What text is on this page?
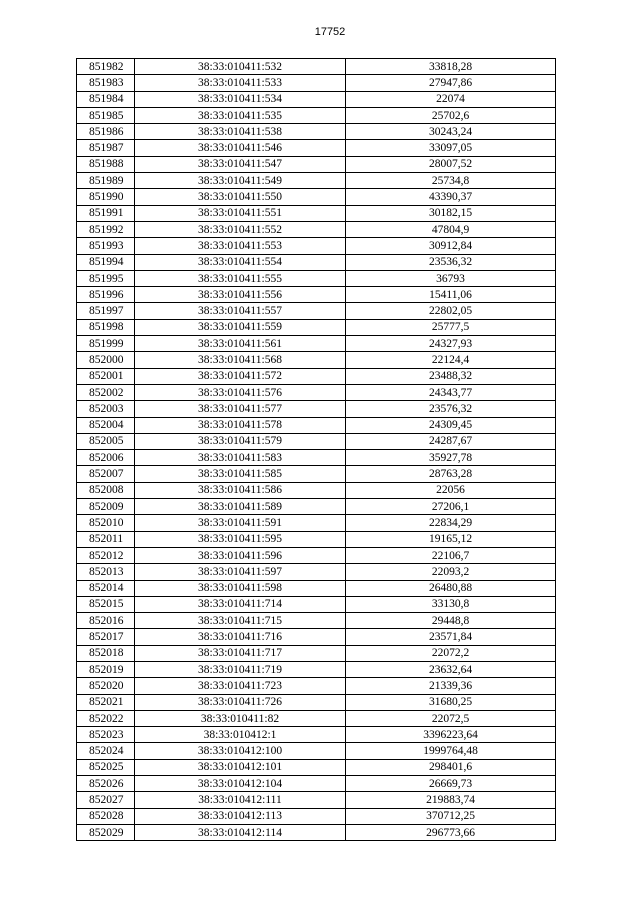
17752
851982	38:33:010411:532	33818,28
851983	38:33:010411:533	27947,86
851984	38:33:010411:534	22074
851985	38:33:010411:535	25702,6
851986	38:33:010411:538	30243,24
851987	38:33:010411:546	33097,05
851988	38:33:010411:547	28007,52
851989	38:33:010411:549	25734,8
851990	38:33:010411:550	43390,37
851991	38:33:010411:551	30182,15
851992	38:33:010411:552	47804,9
851993	38:33:010411:553	30912,84
851994	38:33:010411:554	23536,32
851995	38:33:010411:555	36793
851996	38:33:010411:556	15411,06
851997	38:33:010411:557	22802,05
851998	38:33:010411:559	25777,5
851999	38:33:010411:561	24327,93
852000	38:33:010411:568	22124,4
852001	38:33:010411:572	23488,32
852002	38:33:010411:576	24343,77
852003	38:33:010411:577	23576,32
852004	38:33:010411:578	24309,45
852005	38:33:010411:579	24287,67
852006	38:33:010411:583	35927,78
852007	38:33:010411:585	28763,28
852008	38:33:010411:586	22056
852009	38:33:010411:589	27206,1
852010	38:33:010411:591	22834,29
852011	38:33:010411:595	19165,12
852012	38:33:010411:596	22106,7
852013	38:33:010411:597	22093,2
852014	38:33:010411:598	26480,88
852015	38:33:010411:714	33130,8
852016	38:33:010411:715	29448,8
852017	38:33:010411:716	23571,84
852018	38:33:010411:717	22072,2
852019	38:33:010411:719	23632,64
852020	38:33:010411:723	21339,36
852021	38:33:010411:726	31680,25
852022	38:33:010411:82	22072,5
852023	38:33:010412:1	3396223,64
852024	38:33:010412:100	1999764,48
852025	38:33:010412:101	298401,6
852026	38:33:010412:104	26669,73
852027	38:33:010412:111	219883,74
852028	38:33:010412:113	370712,25
852029	38:33:010412:114	296773,66
